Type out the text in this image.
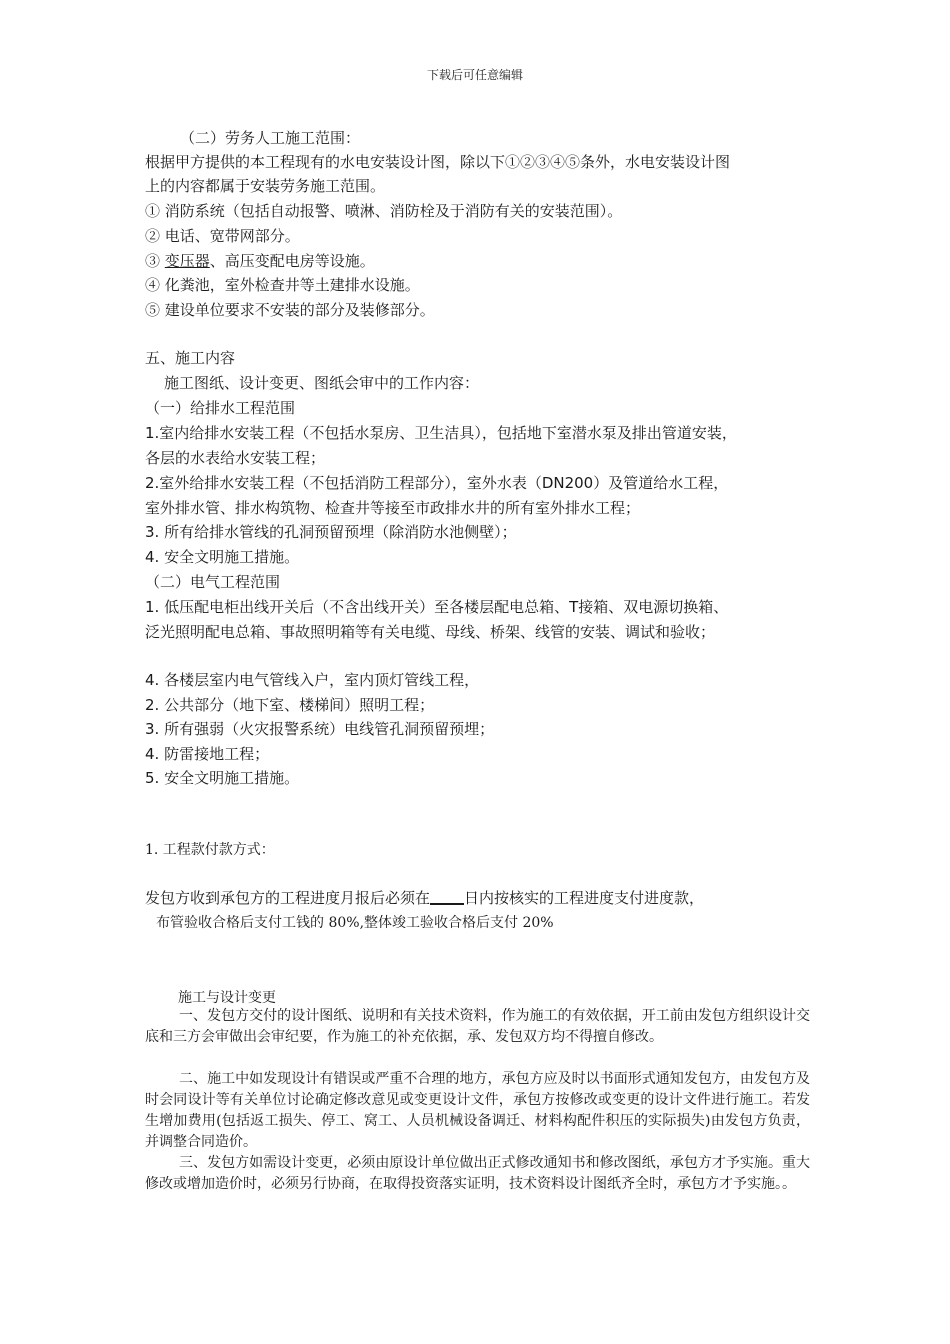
下载后可任意编辑
（二）劳务人工施工范围：
根据甲方提供的本工程现有的水电安装设计图，除以下①②③④⑤条外，水电安装设计图
上的内容都属于安装劳务施工范围。
① 消防系统（包括自动报警、喷淋、消防栓及于消防有关的安装范围）。
② 电话、宽带网部分。
③ 变压器、高压变配电房等设施。
④ 化粪池，室外检查井等土建排水设施。
⑤ 建设单位要求不安装的部分及装修部分。
五、施工内容
施工图纸、设计变更、图纸会审中的工作内容：
（一）给排水工程范围
1.室内给排水安装工程（不包括水泵房、卫生洁具），包括地下室潜水泵及排出管道安装，
各层的水表给水安装工程；
2.室外给排水安装工程（不包括消防工程部分），室外水表（DN200）及管道给水工程，
室外排水管、排水构筑物、检查井等接至市政排水井的所有室外排水工程；
3. 所有给排水管线的孔洞预留预埋（除消防水池侧壁）；
4. 安全文明施工措施。
（二）电气工程范围
1. 低压配电柜出线开关后（不含出线开关）至各楼层配电总箱、T接箱、双电源切换箱、
泛光照明配电总箱、事故照明箱等有关电缆、母线、桥架、线管的安装、调试和验收；
4. 各楼层室内电气管线入户，室内顶灯管线工程，
2. 公共部分（地下室、楼梯间）照明工程；
3. 所有强弱（火灾报警系统）电线管孔洞预留预埋；
4. 防雷接地工程；
5. 安全文明施工措施。
1. 工程款付款方式：
发包方收到承包方的工程进度月报后必须在 日内按核实的工程进度支付进度款，
布管验收合格后支付工钱的 80%,整体竣工验收合格后支付 20%
施工与设计变更
一、发包方交付的设计图纸、说明和有关技术资料，作为施工的有效依据，开工前由发包方组织设计交底和三方会审做出会审纪要，作为施工的补充依据，承、发包双方均不得擅自修改。
二、施工中如发现设计有错误或严重不合理的地方，承包方应及时以书面形式通知发包方，由发包方及时会同设计等有关单位讨论确定修改意见或变更设计文件，承包方按修改或变更的设计文件进行施工。若发生增加费用(包括返工损失、停工、窝工、人员机械设备调迁、材料构配件积压的实际损失)由发包方负责，并调整合同造价。
三、发包方如需设计变更，必须由原设计单位做出正式修改通知书和修改图纸，承包方才予实施。重大修改或增加造价时，必须另行协商，在取得投资落实证明，技术资料设计图纸齐全时，承包方才予实施。。
